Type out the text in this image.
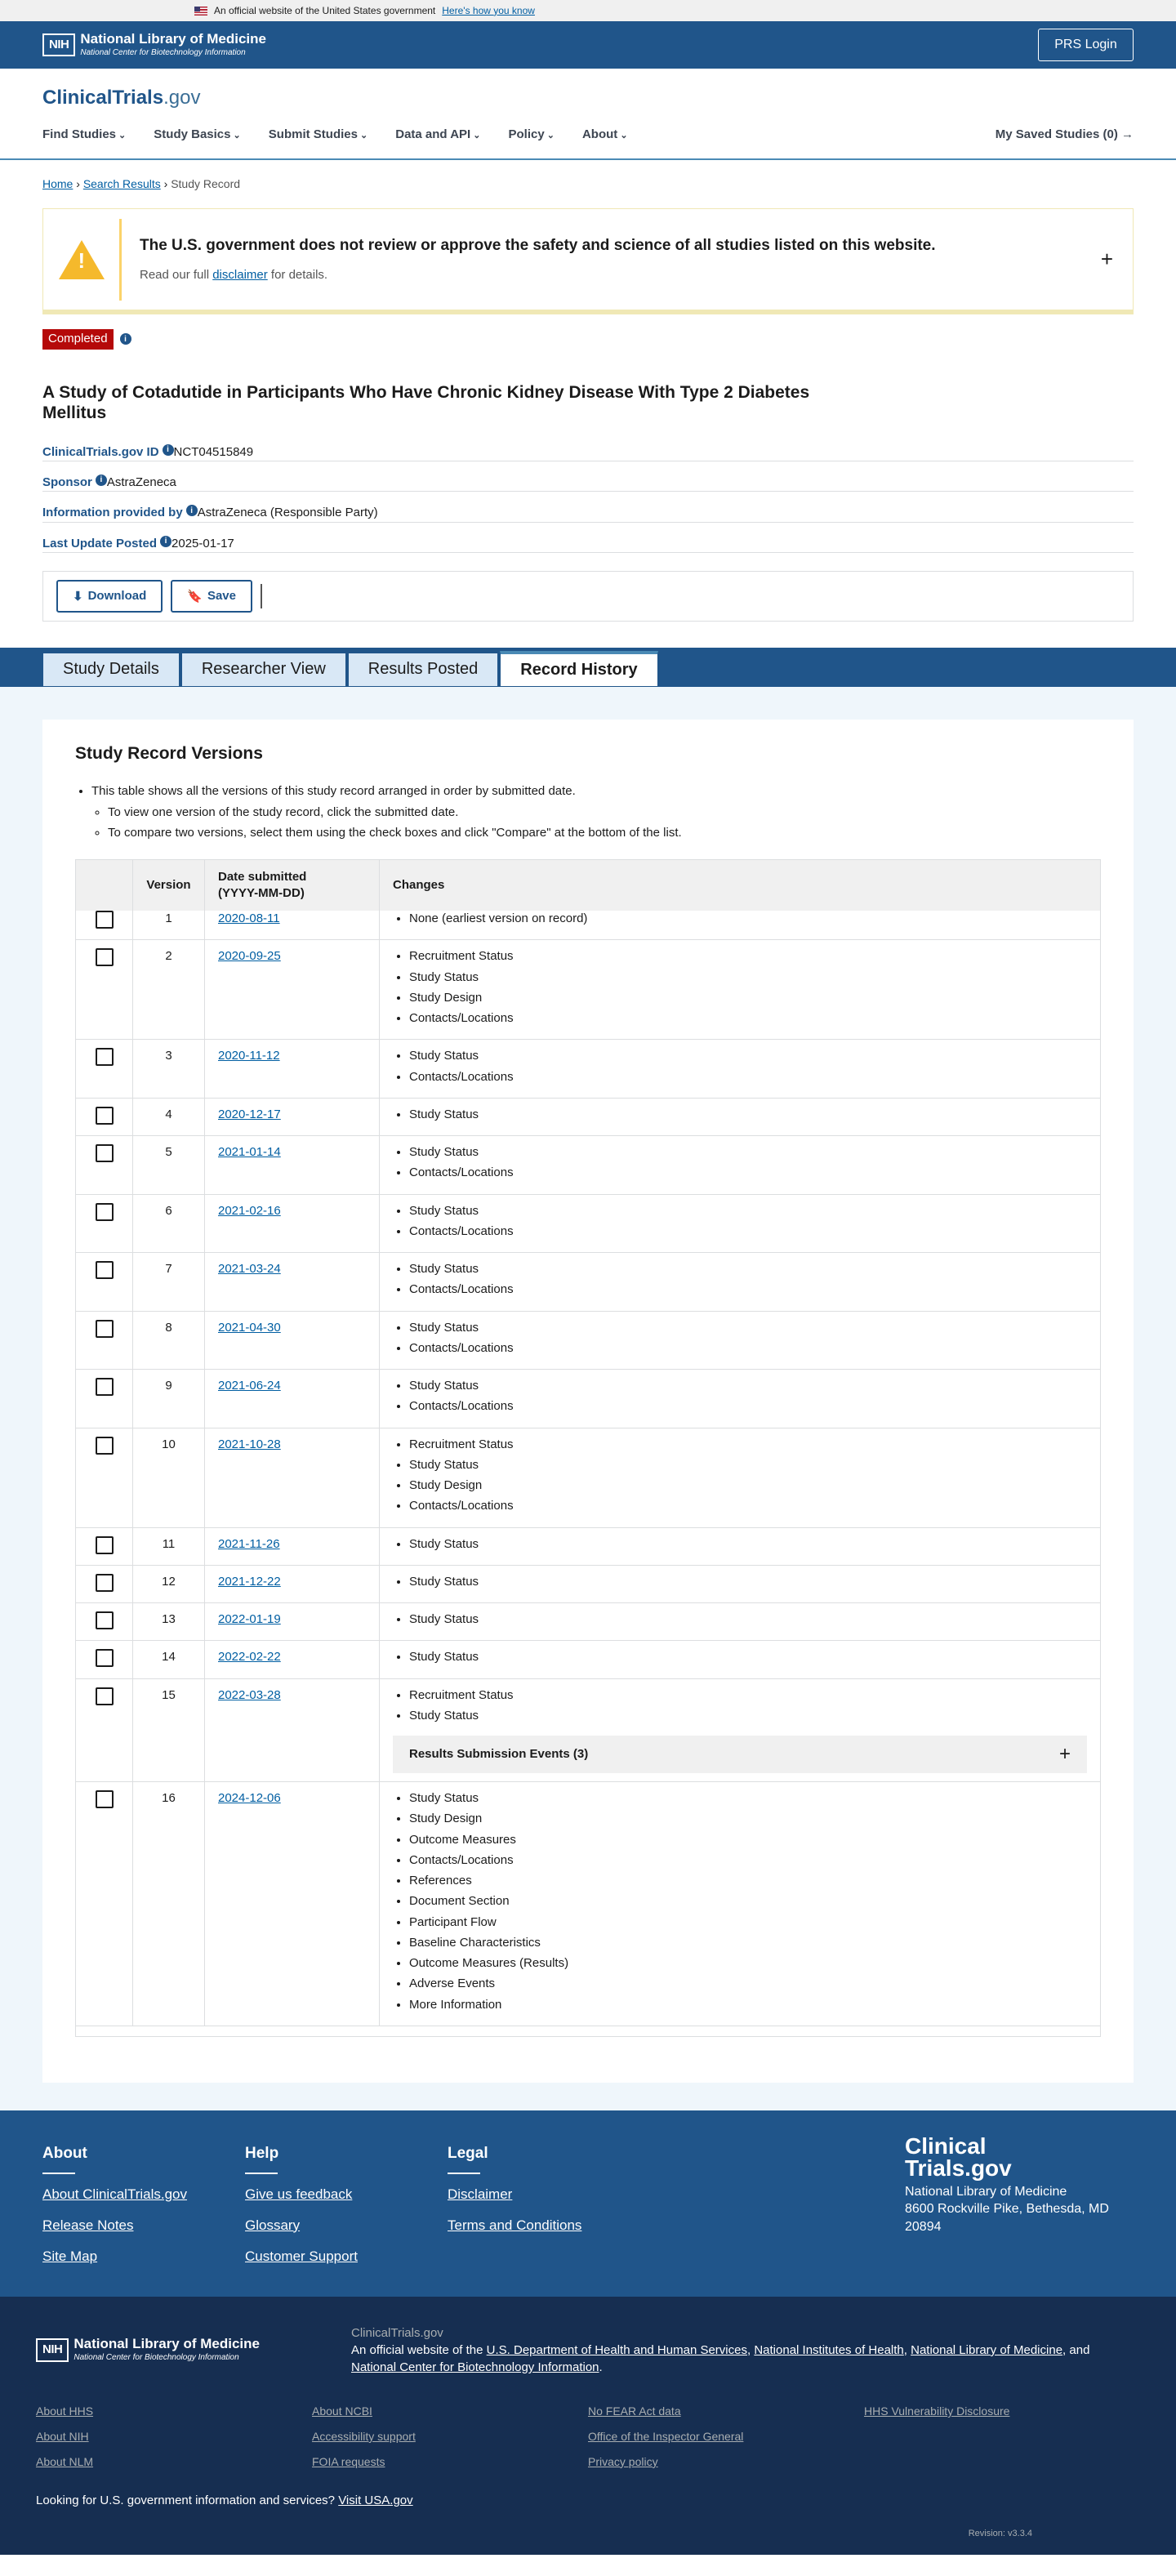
An official website of the United States government Here's how you know
NIH National Library of Medicine
National Center for Biotechnology Information
PRS Login
ClinicalTrials.gov
Find Studies ⌄	Study Basics ⌄	Submit Studies ⌄	Data and API ⌄	Policy ⌄	About ⌄	My Saved Studies (0) →
Home › Search Results › Study Record
!
The U.S. government does not review or approve the safety and science of all studies listed on this website.
Read our full disclaimer for details.
+
Completed	i
A Study of Cotadutide in Participants Who Have Chronic Kidney Disease With Type 2 Diabetes Mellitus
ClinicalTrials.gov ID i NCT04515849
Sponsor i AstraZeneca
Information provided by i AstraZeneca (Responsible Party)
Last Update Posted i 2025-01-17
⬇ Download	🔖 Save
Study Details	Researcher View	Results Posted	Record History
Study Record Versions
• This table shows all the versions of this study record arranged in order by submitted date.
◦ To view one version of the study record, click the submitted date.
◦ To compare two versions, select them using the check boxes and click "Compare" at the bottom of the list.
Version
Date submitted
(YYYY-MM-DD)
Changes
1	2020-08-11	• None (earliest version on record)
2	2020-09-25	• Recruitment Status
• Study Status
• Study Design
• Contacts/Locations
3	2020-11-12	• Study Status
• Contacts/Locations
4	2020-12-17	• Study Status
5	2021-01-14	• Study Status
• Contacts/Locations
6	2021-02-16	• Study Status
• Contacts/Locations
7	2021-03-24	• Study Status
• Contacts/Locations
8	2021-04-30	• Study Status
• Contacts/Locations
9	2021-06-24	• Study Status
• Contacts/Locations
10	2021-10-28	• Recruitment Status
• Study Status
• Study Design
• Contacts/Locations
11	2021-11-26	• Study Status
12	2021-12-22	• Study Status
13	2022-01-19	• Study Status
14	2022-02-22	• Study Status
15	2022-03-28	• Recruitment Status
• Study Status
Results Submission Events (3)	+
16	2024-12-06	• Study Status
• Study Design
• Outcome Measures
• Contacts/Locations
• References
• Document Section
• Participant Flow
• Baseline Characteristics
• Outcome Measures (Results)
• Adverse Events
• More Information
About
About ClinicalTrials.gov
Release Notes
Site Map
Help
Give us feedback
Glossary
Customer Support
Legal
Disclaimer
Terms and Conditions
Clinical
Trials.gov
National Library of Medicine
8600 Rockville Pike, Bethesda, MD
20894
NIH National Library of Medicine
National Center for Biotechnology Information
ClinicalTrials.gov
An official website of the U.S. Department of Health and Human Services, National Institutes of Health, National Library of Medicine, and National Center for Biotechnology Information.
About HHS
About NIH
About NLM
About NCBI
Accessibility support
FOIA requests
No FEAR Act data
Office of the Inspector General
Privacy policy
HHS Vulnerability Disclosure
Looking for U.S. government information and services? Visit USA.gov
Revision: v3.3.4
